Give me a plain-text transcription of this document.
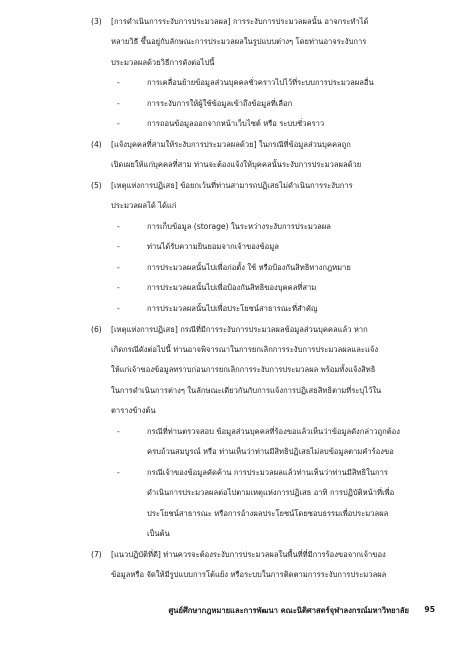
(3) [การดำเนินการระงับการประมวลผล] การระงับการประมวลผลนั้น อาจกระทำได้
หลายวิธี ขึ้นอยู่กับลักษณะการประมวลผลในรูปแบบต่างๆ โดยท่านอาจระงับการ
ประมวลผลด้วยวิธีการดังต่อไปนี้
-	การเคลื่อนย้ายข้อมูลส่วนบุคคลชั่วคราวไปไว้ที่ระบบการประมวลผลอื่น
-	การระงับการให้ผู้ใช้ข้อมูลเข้าถึงข้อมูลที่เลือก
-	การถอนข้อมูลออกจากหน้าเว็บไซต์ หรือ ระบบชั่วคราว
(4) [แจ้งบุคคลที่สามให้ระงับการประมวลผลด้วย] ในกรณีที่ข้อมูลส่วนบุคคลถูก
เปิดเผยให้แก่บุคคลที่สาม ท่านจะต้องแจ้งให้บุคคลนั้นระงับการประมวลผลด้วย
(5) [เหตุแห่งการปฏิเสธ] ข้อยกเว้นที่ท่านสามารถปฏิเสธไม่ดำเนินการระงับการ
ประมวลผลได้ ได้แก่
-	การเก็บข้อมูล (storage) ในระหว่างระงับการประมวลผล
-	ท่านได้รับความยินยอมจากเจ้าของข้อมูล
-	การประมวลผลนั้นไปเพื่อก่อตั้ง ใช้ หรือป้องกันสิทธิทางกฎหมาย
-	การประมวลผลนั้นไปเพื่อป้องกันสิทธิของบุคคลที่สาม
-	การประมวลผลนั้นไปเพื่อประโยชน์สาธารณะที่สำคัญ
(6) [เหตุแห่งการปฏิเสธ] กรณีที่มีการระงับการประมวลผลข้อมูลส่วนบุคคลแล้ว หาก
เกิดกรณีดังต่อไปนี้ ท่านอาจพิจารณาในการยกเลิกการระงับการประมวลผลและแจ้ง
ให้แก่เจ้าของข้อมูลทราบก่อนการยกเลิกการระงับการประมวลผล พร้อมทั้งแจ้งสิทธิ
ในการดำเนินการต่างๆ ในลักษณะเดียวกันกับการแจ้งการปฏิเสธสิทธิตามที่ระบุไว้ใน
ตารางข้างต้น
-	กรณีที่ท่านตรวจสอบ ข้อมูลส่วนบุคคลที่ร้องขอแล้วเห็นว่าข้อมูลดังกล่าวถูกต้อง
ครบถ้วนสมบูรณ์ หรือ ท่านเห็นว่าท่านมีสิทธิปฏิเสธไม่ลบข้อมูลตามคำร้องขอ
-	กรณีเจ้าของข้อมูลคัดค้าน การประมวลผลแล้วท่านเห็นว่าท่านมีสิทธิในการ
ดำเนินการประมวลผลต่อไปตามเหตุแห่งการปฏิเสธ อาทิ การปฏิบัติหน้าที่เพื่อ
ประโยชน์สาธารณะ หรือการอ้างผลประโยชน์โดยชอบธรรมเพื่อประมวลผล
เป็นต้น
(7) [แนวปฏิบัติที่ดี] ท่านควรจะต้องระงับการประมวลผลในพื้นที่ที่มีการร้องขอจากเจ้าของ
ข้อมูลหรือ จัดให้มีรูปแบบการโต้แย้ง หรือระบบในการติดตามการระงับการประมวลผล
ศูนย์ศึกษากฎหมายและการพัฒนา คณะนิติศาสตร์จุฬาลงกรณ์มหาวิทยาลัย 95
